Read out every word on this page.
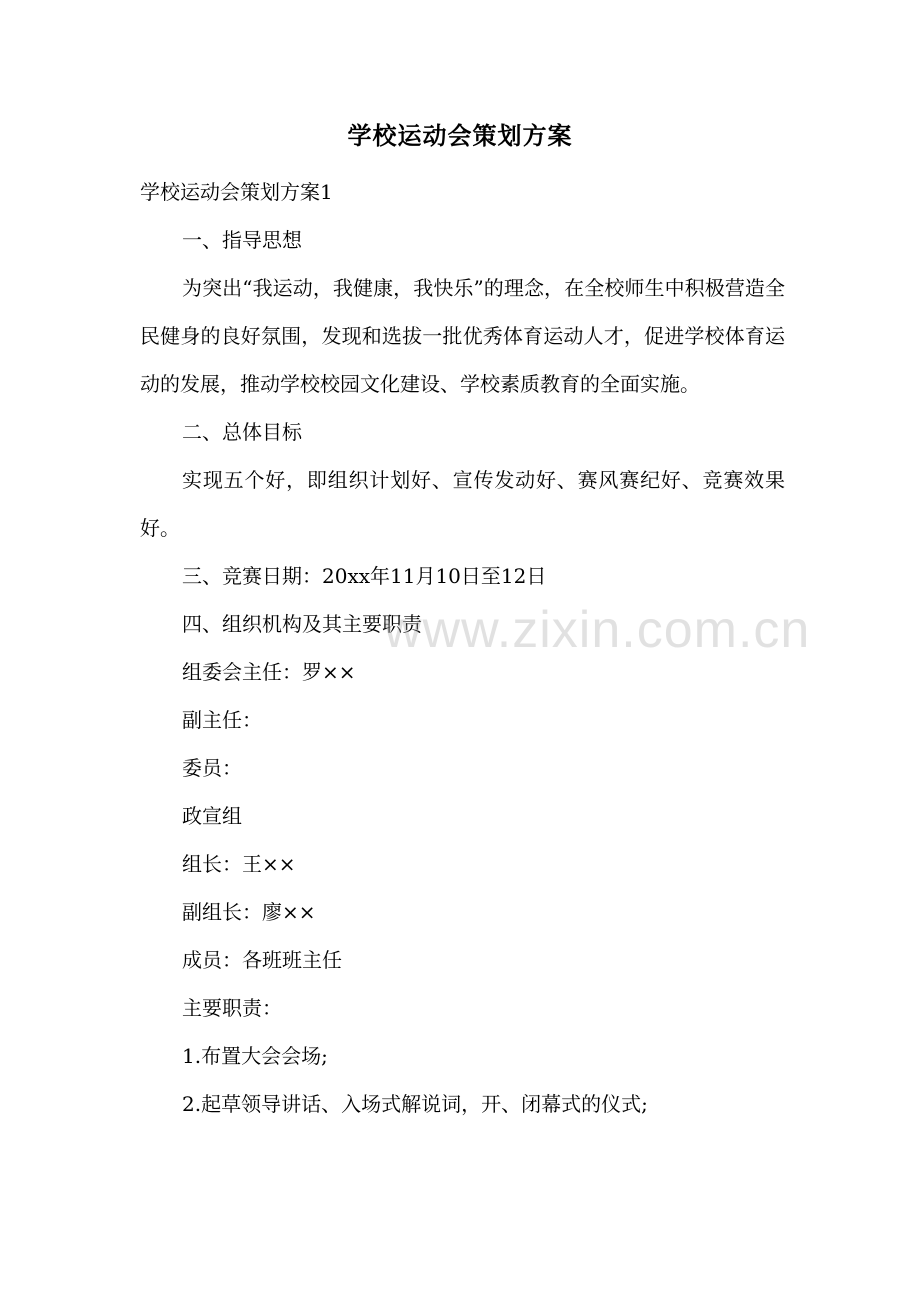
学校运动会策划方案

学校运动会策划方案1

一、指导思想

为突出“我运动，我健康，我快乐”的理念，在全校师生中积极营造全民健身的良好氛围，发现和选拔一批优秀体育运动人才，促进学校体育运动的发展，推动学校校园文化建设、学校素质教育的全面实施。

二、总体目标

实现五个好，即组织计划好、宣传发动好、赛风赛纪好、竞赛效果好。

三、竞赛日期：20xx年11月10日至12日

四、组织机构及其主要职责

组委会主任：罗××

副主任：

委员：

政宣组

组长：王××

副组长：廖××

成员：各班班主任

主要职责：

1.布置大会会场;

2.起草领导讲话、入场式解说词，开、闭幕式的仪式;

www.zixin.com.cn
